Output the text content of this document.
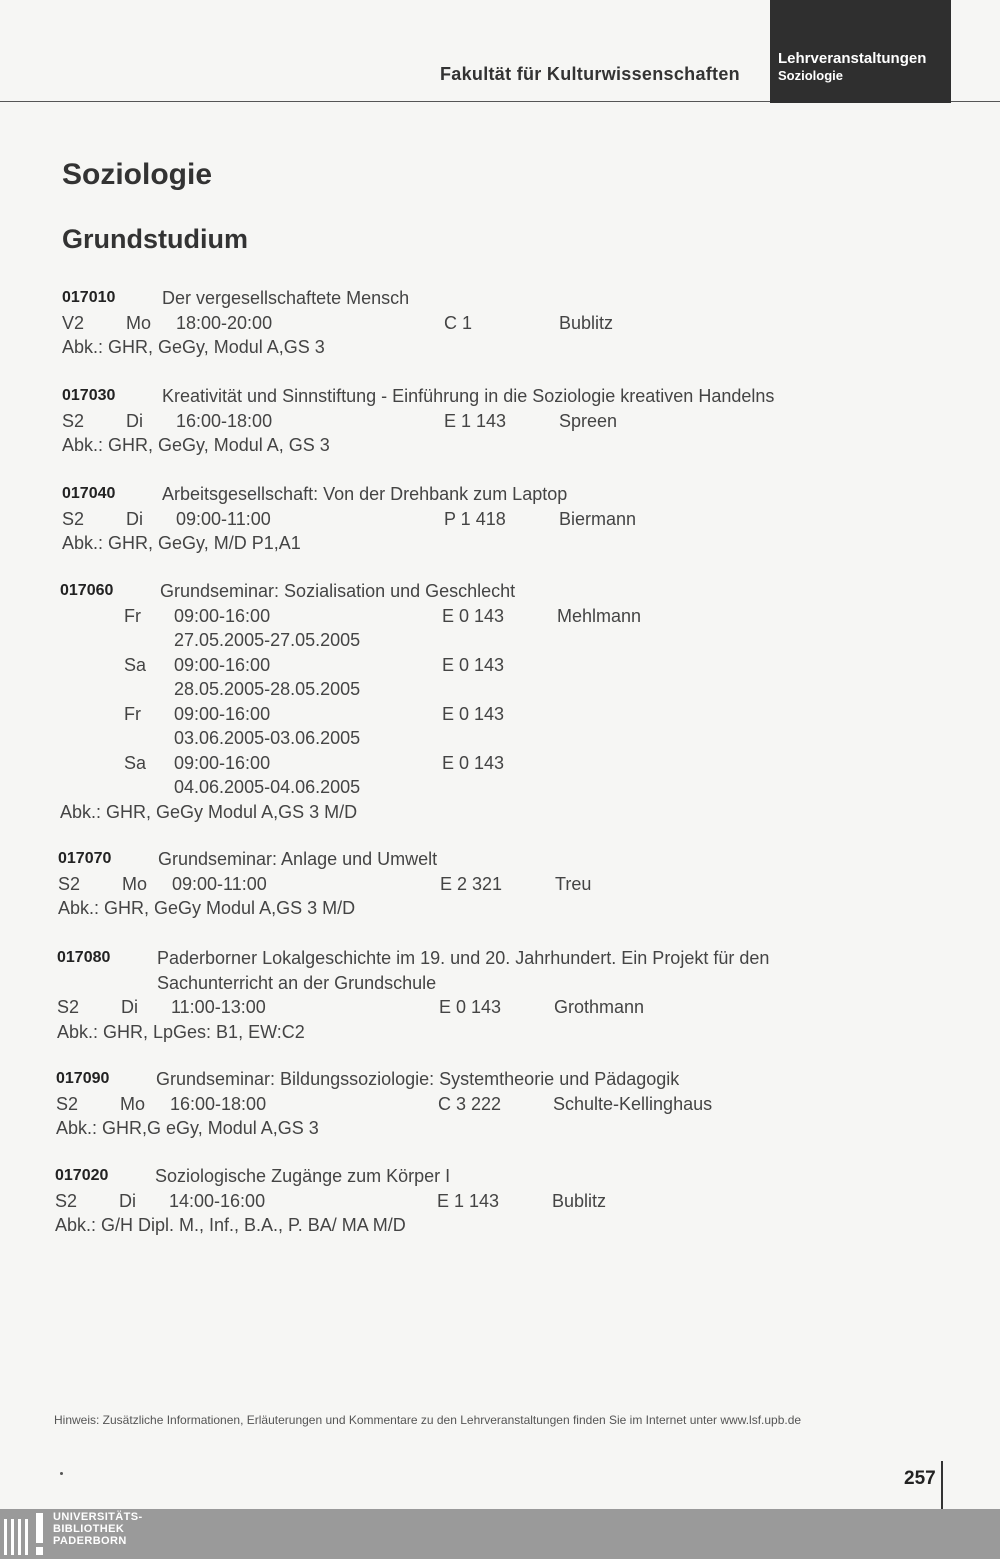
Fakultät für Kulturwissenschaften
Lehrveranstaltungen
Soziologie
Soziologie
Grundstudium
017010	Der vergesellschaftete Mensch
V2 Mo 18:00-20:00	C 1	Bublitz
Abk.: GHR, GeGy, Modul A,GS 3
017030	Kreativität und Sinnstiftung - Einführung in die Soziologie kreativen Handelns
S2 Di 16:00-18:00	E 1 143	Spreen
Abk.: GHR, GeGy, Modul A, GS 3
017040	Arbeitsgesellschaft: Von der Drehbank zum Laptop
S2 Di 09:00-11:00	P 1 418	Biermann
Abk.: GHR, GeGy, M/D P1,A1
017060	Grundseminar: Sozialisation und Geschlecht
Fr 09:00-16:00	E 0 143	Mehlmann
27.05.2005-27.05.2005
Sa 09:00-16:00	E 0 143
28.05.2005-28.05.2005
Fr 09:00-16:00	E 0 143
03.06.2005-03.06.2005
Sa 09:00-16:00	E 0 143
04.06.2005-04.06.2005
Abk.: GHR, GeGy Modul A,GS 3 M/D
017070	Grundseminar: Anlage und Umwelt
S2 Mo 09:00-11:00	E 2 321	Treu
Abk.: GHR, GeGy Modul A,GS 3 M/D
017080	Paderborner Lokalgeschichte im 19. und 20. Jahrhundert. Ein Projekt für den Sachunterricht an der Grundschule
S2 Di 11:00-13:00	E 0 143	Grothmann
Abk.: GHR, LpGes: B1, EW:C2
017090	Grundseminar: Bildungssoziologie: Systemtheorie und Pädagogik
S2 Mo 16:00-18:00	C 3 222	Schulte-Kellinghaus
Abk.: GHR,G eGy, Modul A,GS 3
017020	Soziologische Zugänge zum Körper I
S2 Di 14:00-16:00	E 1 143	Bublitz
Abk.: G/H Dipl. M., Inf., B.A., P. BA/ MA M/D
Hinweis: Zusätzliche Informationen, Erläuterungen und Kommentare zu den Lehrveranstaltungen finden Sie im Internet unter www.lsf.upb.de
257
UNIVERSITÄTS-
BIBLIOTHEK
PADERBORN
